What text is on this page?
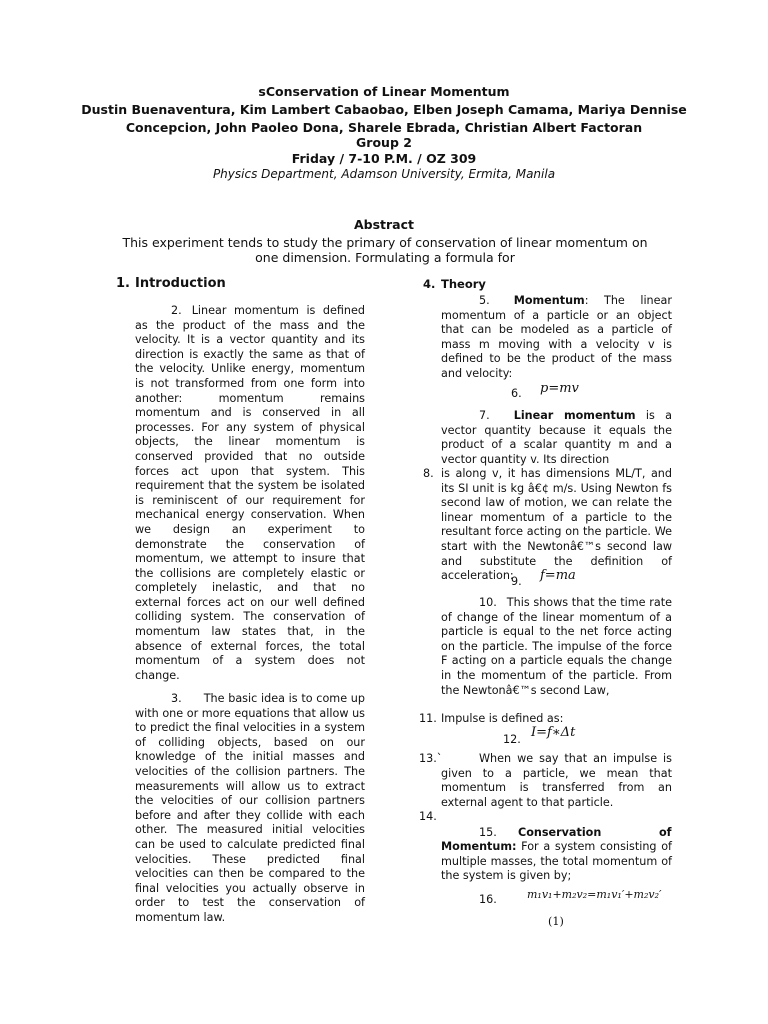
sConservation of Linear Momentum
Dustin Buenaventura, Kim Lambert Cabaobao, Elben Joseph Camama, Mariya Dennise
Concepcion, John Paoleo Dona, Sharele Ebrada, Christian Albert Factoran
Group 2
Friday / 7-10 P.M. / OZ 309
Physics Department, Adamson University, Ermita, Manila
Abstract
This experiment tends to study the primary of conservation of linear momentum on one dimension. Formulating a formula for
1. Introduction

2. Linear momentum is defined as the product of the mass and the velocity. It is a vector quantity and its direction is exactly the same as that of the velocity. Unlike energy, momentum is not transformed from one form into another: momentum remains momentum and is conserved in all processes. For any system of physical objects, the linear momentum is conserved provided that no outside forces act upon that system. This requirement that the system be isolated is reminiscent of our requirement for mechanical energy conservation. When we design an experiment to demonstrate the conservation of momentum, we attempt to insure that the collisions are completely elastic or completely inelastic, and that no external forces act on our well defined colliding system. The conservation of momentum law states that, in the absence of external forces, the total momentum of a system does not change.

3. The basic idea is to come up with one or more equations that allow us to predict the final velocities in a system of colliding objects, based on our knowledge of the initial masses and velocities of the collision partners. The measurements will allow us to extract the velocities of our collision partners before and after they collide with each other. The measured initial velocities can be used to calculate predicted final velocities. These predicted final velocities can then be compared to the final velocities you actually observe in order to test the conservation of momentum law.

4. Theory

5. Momentum: The linear momentum of a particle or an object that can be modeled as a particle of mass m moving with a velocity v is defined to be the product of the mass and velocity:

6. p=mv

7. Linear momentum is a vector quantity because it equals the product of a scalar quantity m and a vector quantity v. Its direction

8. is along v, it has dimensions ML/T, and its SI unit is kg â€¢ m/s. Using Newton fs second law of motion, we can relate the linear momentum of a particle to the resultant force acting on the particle. We start with the Newtonâ€™s second law and substitute the definition of acceleration:

9. f=ma

10. This shows that the time rate of change of the linear momentum of a particle is equal to the net force acting on the particle. The impulse of the force F acting on a particle equals the change in the momentum of the particle. From the Newtonâ€™s second Law,

11. Impulse is defined as:
12. I=f∗Δt
13.`	When we say that an impulse is given to a particle, we mean that momentum is transferred from an external agent to that particle.

14.
15. Conservation	of

Momentum: For a system consisting of multiple masses, the total momentum of the system is given by;

16.	m₁v₁+m₂v₂=m₁v₁′+m₂v₂′
(1)
